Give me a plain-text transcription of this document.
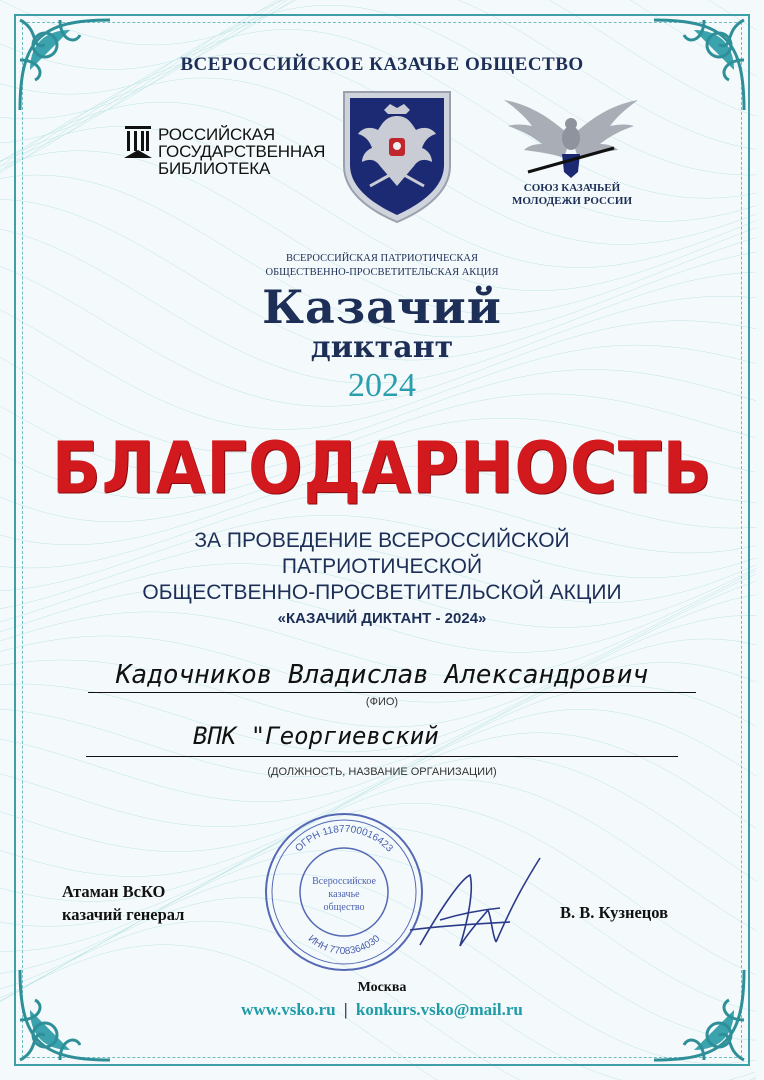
ВСЕРОССИЙСКОЕ КАЗАЧЬЕ ОБЩЕСТВО
РОССИЙСКАЯ
ГОСУДАРСТВЕННАЯ
БИБЛИОТЕКА
СОЮЗ КАЗАЧЬЕЙ
МОЛОДЕЖИ РОССИИ
ВСЕРОССИЙСКАЯ ПАТРИОТИЧЕСКАЯ
ОБЩЕСТВЕННО-ПРОСВЕТИТЕЛЬСКАЯ АКЦИЯ
Казачий
диктант
2024
БЛАГОДАРНОСТЬ
ЗА ПРОВЕДЕНИЕ ВСЕРОССИЙСКОЙ
ПАТРИОТИЧЕСКОЙ
ОБЩЕСТВЕННО-ПРОСВЕТИТЕЛЬСКОЙ АКЦИИ
«КАЗАЧИЙ ДИКТАНТ - 2024»
Кадочников Владислав Александрович
(ФИО)
ВПК "Георгиевский
(ДОЛЖНОСТЬ, НАЗВАНИЕ ОРГАНИЗАЦИИ)
Атаман ВсКО
казачий генерал
ОГРН 1187700016423
ИНН 7708364030
Всероссийское
казачье
общество	В. В. Кузнецов
Москва
www.vsko.ru | konkurs.vsko@mail.ru
